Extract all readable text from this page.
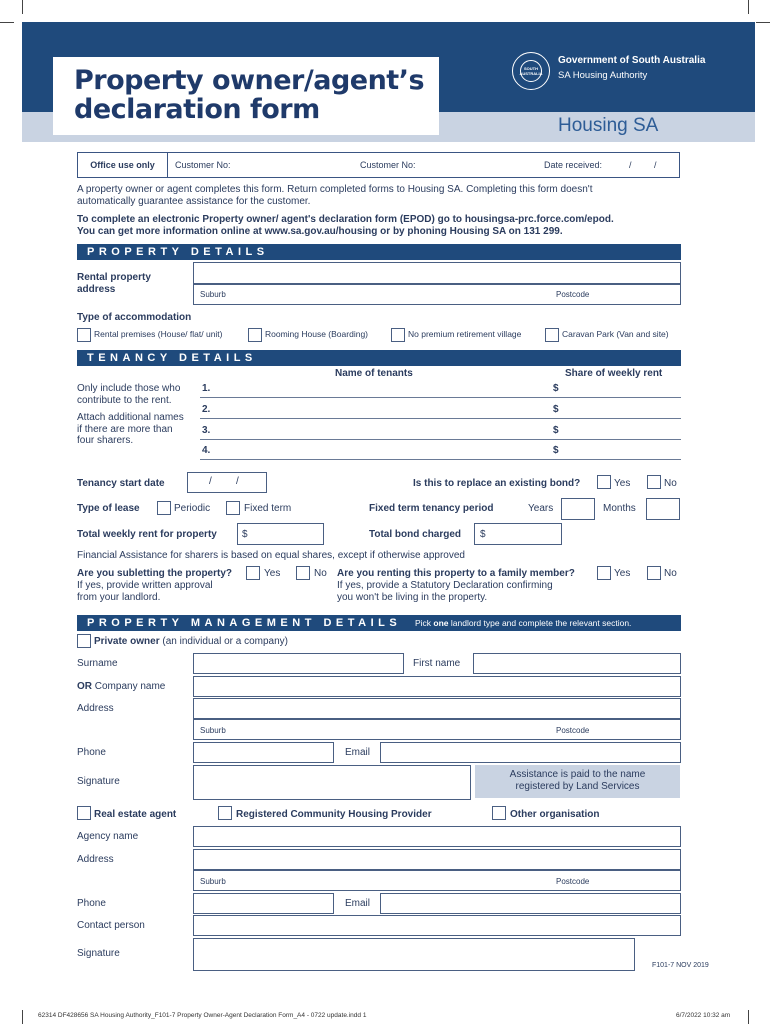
Property owner/agent’s
declaration form
SOUTH AUSTRALIA
Government of South Australia
SA Housing Authority
Housing SA
Office use only	Customer No:	Customer No:	Date received:	/ /
A property owner or agent completes this form. Return completed forms to Housing SA. Completing this form doesn't
automatically guarantee assistance for the customer.
To complete an electronic Property owner/ agent's declaration form (EPOD) go to housingsa-prc.force.com/epod.
You can get more information online at www.sa.gov.au/housing or by phoning Housing SA on 131 299.
PROPERTY DETAILS
Rental property
address	Suburb	Postcode
Type of accommodation
Rental premises (House/ flat/ unit)	Rooming House (Boarding)	No premium retirement village	Caravan Park (Van and site)
TENANCY DETAILS
Name of tenants	Share of weekly rent
Only include those who
contribute to the rent.
Attach additional names
if there are more than
four sharers.
1.	$
2.	$
3.	$
4.	$
Tenancy start date	/ /	Is this to replace an existing bond?	Yes	No
Type of lease	Periodic	Fixed term	Fixed term tenancy period	Years	Months
Total weekly rent for property	$	Total bond charged $
Financial Assistance for sharers is based on equal shares, except if otherwise approved
Are you subletting the property?
If yes, provide written approval
from your landlord.
Yes	No Are you renting this property to a family member?
If yes, provide a Statutory Declaration confirming
you won't be living in the property.
Yes	No
PROPERTY MANAGEMENT DETAILS Pick one landlord type and complete the relevant section.
Private owner (an individual or a company)
Surname	First name
OR Company name
Address
Suburb	Postcode
Phone	Email
Signature
Assistance is paid to the name
registered by Land Services
Real estate agent	Registered Community Housing Provider	Other organisation
Agency name
Address
Suburb	Postcode
Phone	Email
Contact person
Signature
F101-7 NOV 2019
62314 DF428656 SA Housing Authority_F101-7 Property Owner-Agent Declaration Form_A4 - 0722 update.indd 1	6/7/2022 10:32 am
